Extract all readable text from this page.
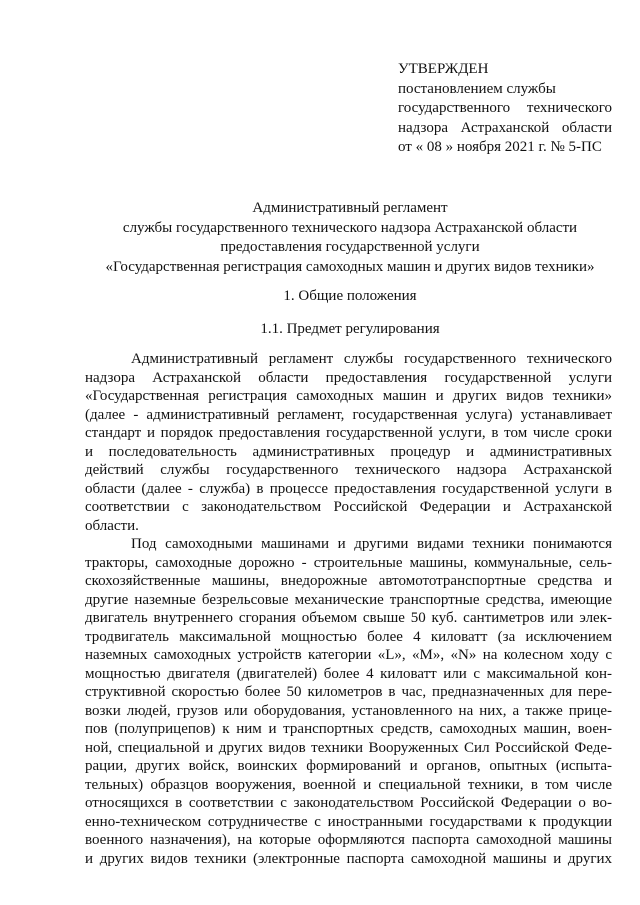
УТВЕРЖДЕН
постановлением службы
государственного технического
надзора Астраханской области
от « 08 » ноября 2021 г. № 5-ПС
Административный регламент
службы государственного технического надзора Астраханской области
предоставления государственной услуги
«Государственная регистрация самоходных машин и других видов техники»
1. Общие положения
1.1. Предмет регулирования
Административный регламент службы государственного технического
надзора Астраханской области предоставления государственной услуги
«Государственная регистрация самоходных машин и других видов техники»
(далее - административный регламент, государственная услуга) устанавливает
стандарт и порядок предоставления государственной услуги, в том числе сроки
и последовательность административных процедур и административных
действий службы государственного технического надзора Астраханской
области (далее - служба) в процессе предоставления государственной услуги в
соответствии с законодательством Российской Федерации и Астраханской
области.
Под самоходными машинами и другими видами техники понимаются
тракторы, самоходные дорожно - строительные машины, коммунальные, сель-
скохозяйственные машины, внедорожные автомототранспортные средства и
другие наземные безрельсовые механические транспортные средства, имеющие
двигатель внутреннего сгорания объемом свыше 50 куб. сантиметров или элек-
тродвигатель максимальной мощностью более 4 киловатт (за исключением
наземных самоходных устройств категории «L», «M», «N» на колесном ходу с
мощностью двигателя (двигателей) более 4 киловатт или с максимальной кон-
структивной скоростью более 50 километров в час, предназначенных для пере-
возки людей, грузов или оборудования, установленного на них, а также прице-
пов (полуприцепов) к ним и транспортных средств, самоходных машин, воен-
ной, специальной и других видов техники Вооруженных Сил Российской Феде-
рации, других войск, воинских формирований и органов, опытных (испыта-
тельных) образцов вооружения, военной и специальной техники, в том числе
относящихся в соответствии с законодательством Российской Федерации о во-
енно-техническом сотрудничестве с иностранными государствами к продукции
военного назначения), на которые оформляются паспорта самоходной машины
и других видов техники (электронные паспорта самоходной машины и других
